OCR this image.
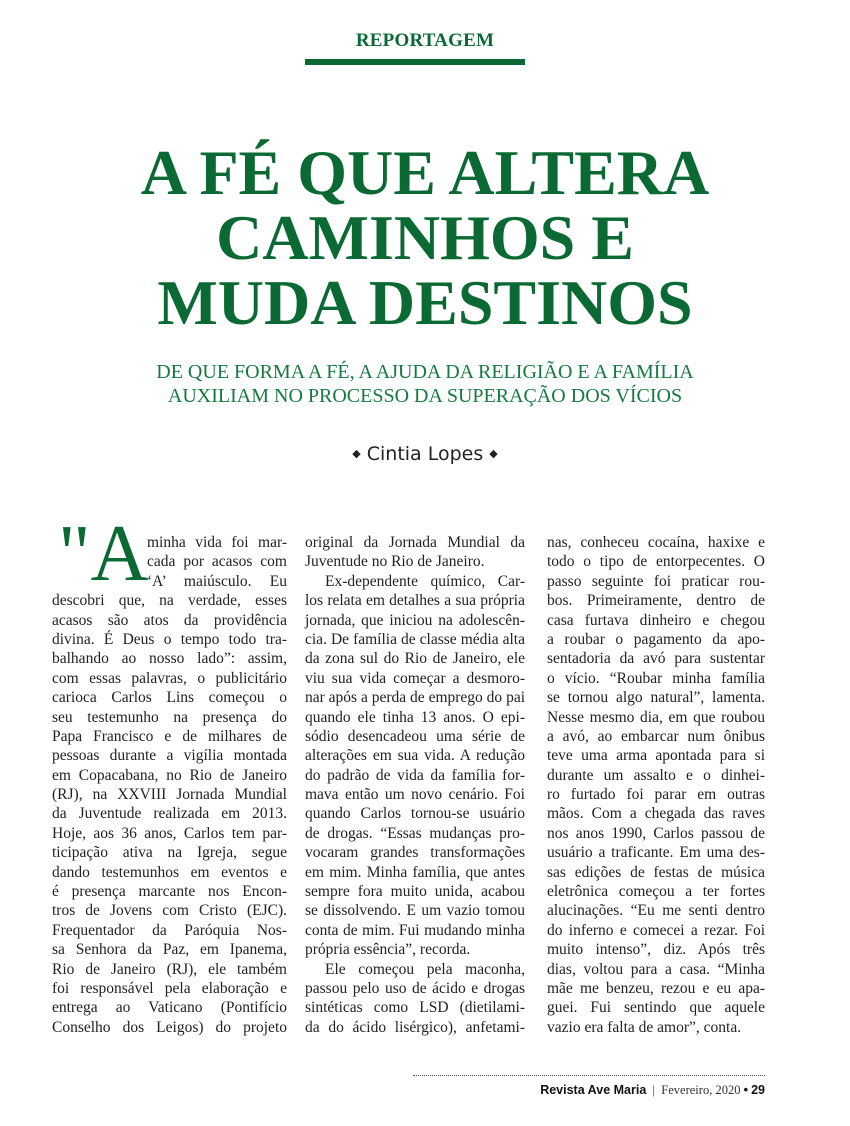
REPORTAGEM
A FÉ QUE ALTERA
CAMINHOS E
MUDA DESTINOS
DE QUE FORMA A FÉ, A AJUDA DA RELIGIÃO E A FAMÍLIA
AUXILIAM NO PROCESSO DA SUPERAÇÃO DOS VÍCIOS
◆ Cintia Lopes ◆
"A
minha vida foi mar-
cada por acasos com
‘A’ maiúsculo. Eu
descobri que, na verdade, esses
acasos são atos da providência
divina. É Deus o tempo todo tra-
balhando ao nosso lado”: assim,
com essas palavras, o publicitário
carioca Carlos Lins começou o
seu testemunho na presença do
Papa Francisco e de milhares de
pessoas durante a vigília montada
em Copacabana, no Rio de Janeiro
(RJ), na XXVIII Jornada Mundial
da Juventude realizada em 2013.
Hoje, aos 36 anos, Carlos tem par-
ticipação ativa na Igreja, segue
dando testemunhos em eventos e
é presença marcante nos Encon-
tros de Jovens com Cristo (EJC).
Frequentador da Paróquia Nos-
sa Senhora da Paz, em Ipanema,
Rio de Janeiro (RJ), ele também
foi responsável pela elaboração e
entrega ao Vaticano (Pontifício
Conselho dos Leigos) do projeto
original da Jornada Mundial da
Juventude no Rio de Janeiro.
Ex-dependente químico, Car-
los relata em detalhes a sua própria
jornada, que iniciou na adolescên-
cia. De família de classe média alta
da zona sul do Rio de Janeiro, ele
viu sua vida começar a desmoro-
nar após a perda de emprego do pai
quando ele tinha 13 anos. O epi-
sódio desencadeou uma série de
alterações em sua vida. A redução
do padrão de vida da família for-
mava então um novo cenário. Foi
quando Carlos tornou-se usuário
de drogas. “Essas mudanças pro-
vocaram grandes transformações
em mim. Minha família, que antes
sempre fora muito unida, acabou
se dissolvendo. E um vazio tomou
conta de mim. Fui mudando minha
própria essência”, recorda.
Ele começou pela maconha,
passou pelo uso de ácido e drogas
sintéticas como LSD (dietilami-
da do ácido lisérgico), anfetami-
nas, conheceu cocaína, haxixe e
todo o tipo de entorpecentes. O
passo seguinte foi praticar rou-
bos. Primeiramente, dentro de
casa furtava dinheiro e chegou
a roubar o pagamento da apo-
sentadoria da avó para sustentar
o vício. “Roubar minha família
se tornou algo natural”, lamenta.
Nesse mesmo dia, em que roubou
a avó, ao embarcar num ônibus
teve uma arma apontada para si
durante um assalto e o dinhei-
ro furtado foi parar em outras
mãos. Com a chegada das raves
nos anos 1990, Carlos passou de
usuário a traficante. Em uma des-
sas edições de festas de música
eletrônica começou a ter fortes
alucinações. “Eu me senti dentro
do inferno e comecei a rezar. Foi
muito intenso”, diz. Após três
dias, voltou para a casa. “Minha
mãe me benzeu, rezou e eu apa-
guei. Fui sentindo que aquele
vazio era falta de amor”, conta.
Revista Ave Maria | Fevereiro, 2020 • 29
